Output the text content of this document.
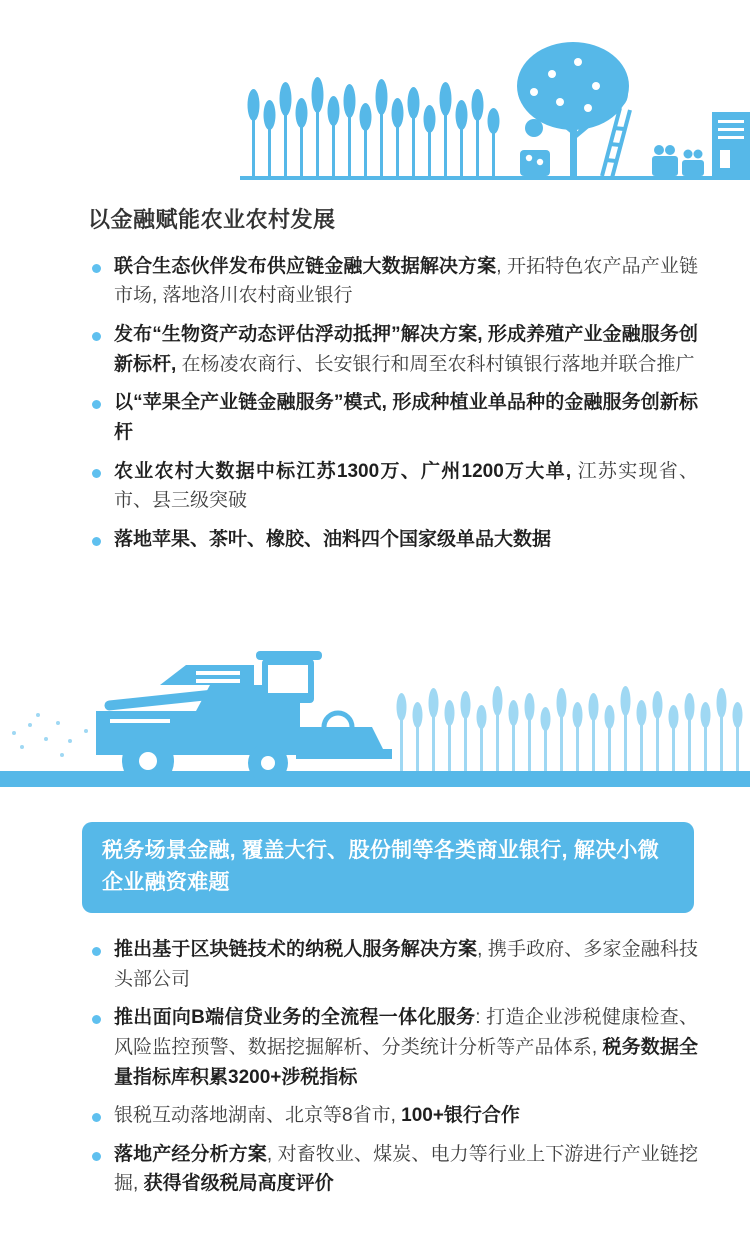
以金融赋能农业农村发展
联合生态伙伴发布供应链金融大数据解决方案, 开拓特色农产品产业链市场, 落地洛川农村商业银行
发布“生物资产动态评估浮动抵押”解决方案, 形成养殖产业金融服务创新标杆, 在杨凌农商行、长安银行和周至农科村镇银行落地并联合推广
以“苹果全产业链金融服务”模式, 形成种植业单品种的金融服务创新标杆
农业农村大数据中标江苏1300万、广州1200万大单, 江苏实现省、市、县三级突破
落地苹果、茶叶、橡胶、油料四个国家级单品大数据
税务场景金融, 覆盖大行、股份制等各类商业银行, 解决小微企业融资难题
推出基于区块链技术的纳税人服务解决方案, 携手政府、多家金融科技头部公司
推出面向B端信贷业务的全流程一体化服务: 打造企业涉税健康检查、风险监控预警、数据挖掘解析、分类统计分析等产品体系, 税务数据全量指标库积累3200+涉税指标
银税互动落地湖南、北京等8省市, 100+银行合作
落地产经分析方案, 对畜牧业、煤炭、电力等行业上下游进行产业链挖掘, 获得省级税局高度评价
